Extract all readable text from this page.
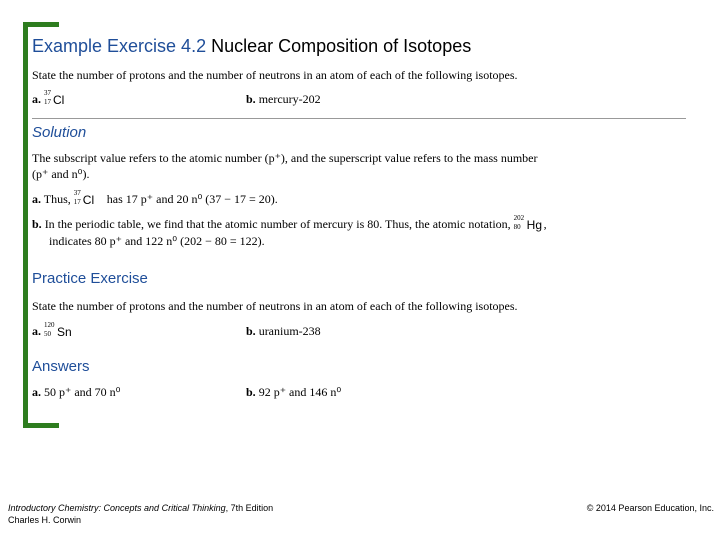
Example Exercise 4.2 Nuclear Composition of Isotopes
State the number of protons and the number of neutrons in an atom of each of the following isotopes.
a. 37
17 Cl	b. mercury-202
Solution
The subscript value refers to the atomic number (p⁺), and the superscript value refers to the mass number
(p⁺ and n⁰).
a. Thus, 37
17 Cl has 17 p⁺ and 20 n⁰ (37 − 17 = 20).
b. In the periodic table, we find that the atomic number of mercury is 80. Thus, the atomic notation, 202
80 Hg ,
indicates 80 p⁺ and 122 n⁰ (202 − 80 = 122).
Practice Exercise
State the number of protons and the number of neutrons in an atom of each of the following isotopes.
a. 120
50 Sn	b. uranium-238
Answers
a. 50 p⁺ and 70 n⁰	b. 92 p⁺ and 146 n⁰
Introductory Chemistry: Concepts and Critical Thinking, 7th Edition
Charles H. Corwin
© 2014 Pearson Education, Inc.
